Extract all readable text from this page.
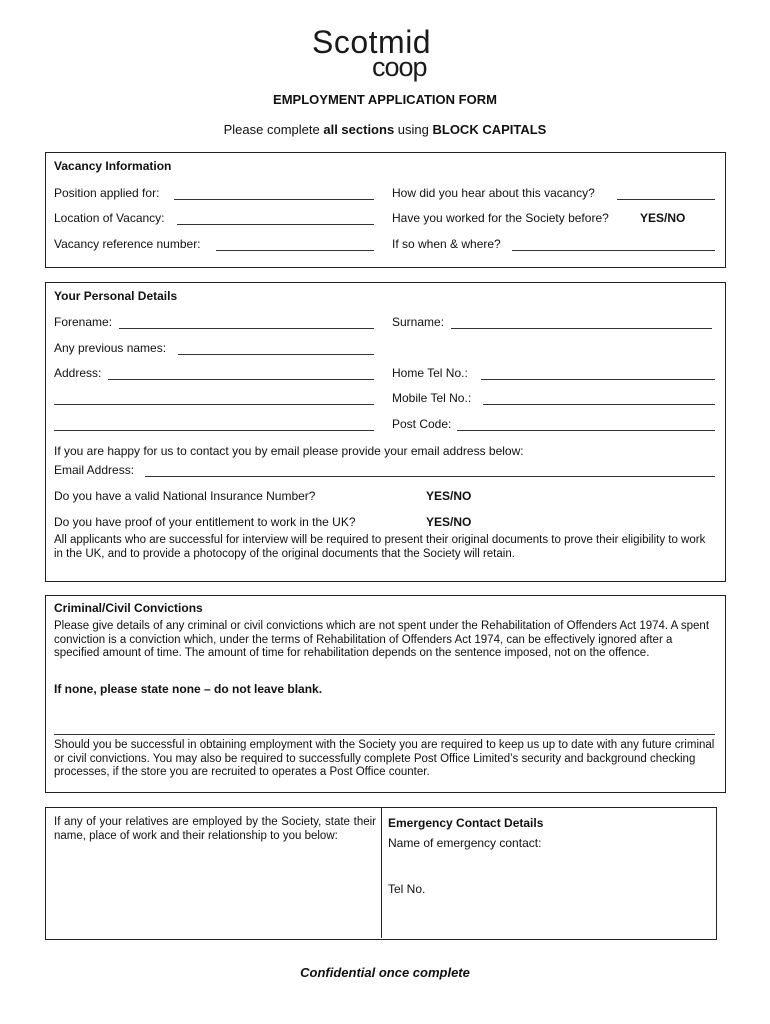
Scotmid
coop
EMPLOYMENT APPLICATION FORM
Please complete all sections using BLOCK CAPITALS
Vacancy Information
Position applied for:	How did you hear about this vacancy?
Location of Vacancy:	Have you worked for the Society before?	YES/NO
Vacancy reference number:	If so when & where?
Your Personal Details
Forename:	Surname:
Any previous names:
Address:	Home Tel No.:
Mobile Tel No.:
Post Code:
If you are happy for us to contact you by email please provide your email address below:
Email Address:
Do you have a valid National Insurance Number?	YES/NO
Do you have proof of your entitlement to work in the UK?	YES/NO
All applicants who are successful for interview will be required to present their original documents to prove their eligibility to work in the UK, and to provide a photocopy of the original documents that the Society will retain.
Criminal/Civil Convictions
Please give details of any criminal or civil convictions which are not spent under the Rehabilitation of Offenders Act 1974. A spent conviction is a conviction which, under the terms of Rehabilitation of Offenders Act 1974, can be effectively ignored after a specified amount of time. The amount of time for rehabilitation depends on the sentence imposed, not on the offence.
If none, please state none – do not leave blank.
Should you be successful in obtaining employment with the Society you are required to keep us up to date with any future criminal or civil convictions. You may also be required to successfully complete Post Office Limited’s security and background checking processes, if the store you are recruited to operates a Post Office counter.
If any of your relatives are employed by the Society, state their name, place of work and their relationship to you below:
Emergency Contact Details
Name of emergency contact:
Tel No.
Confidential once complete
